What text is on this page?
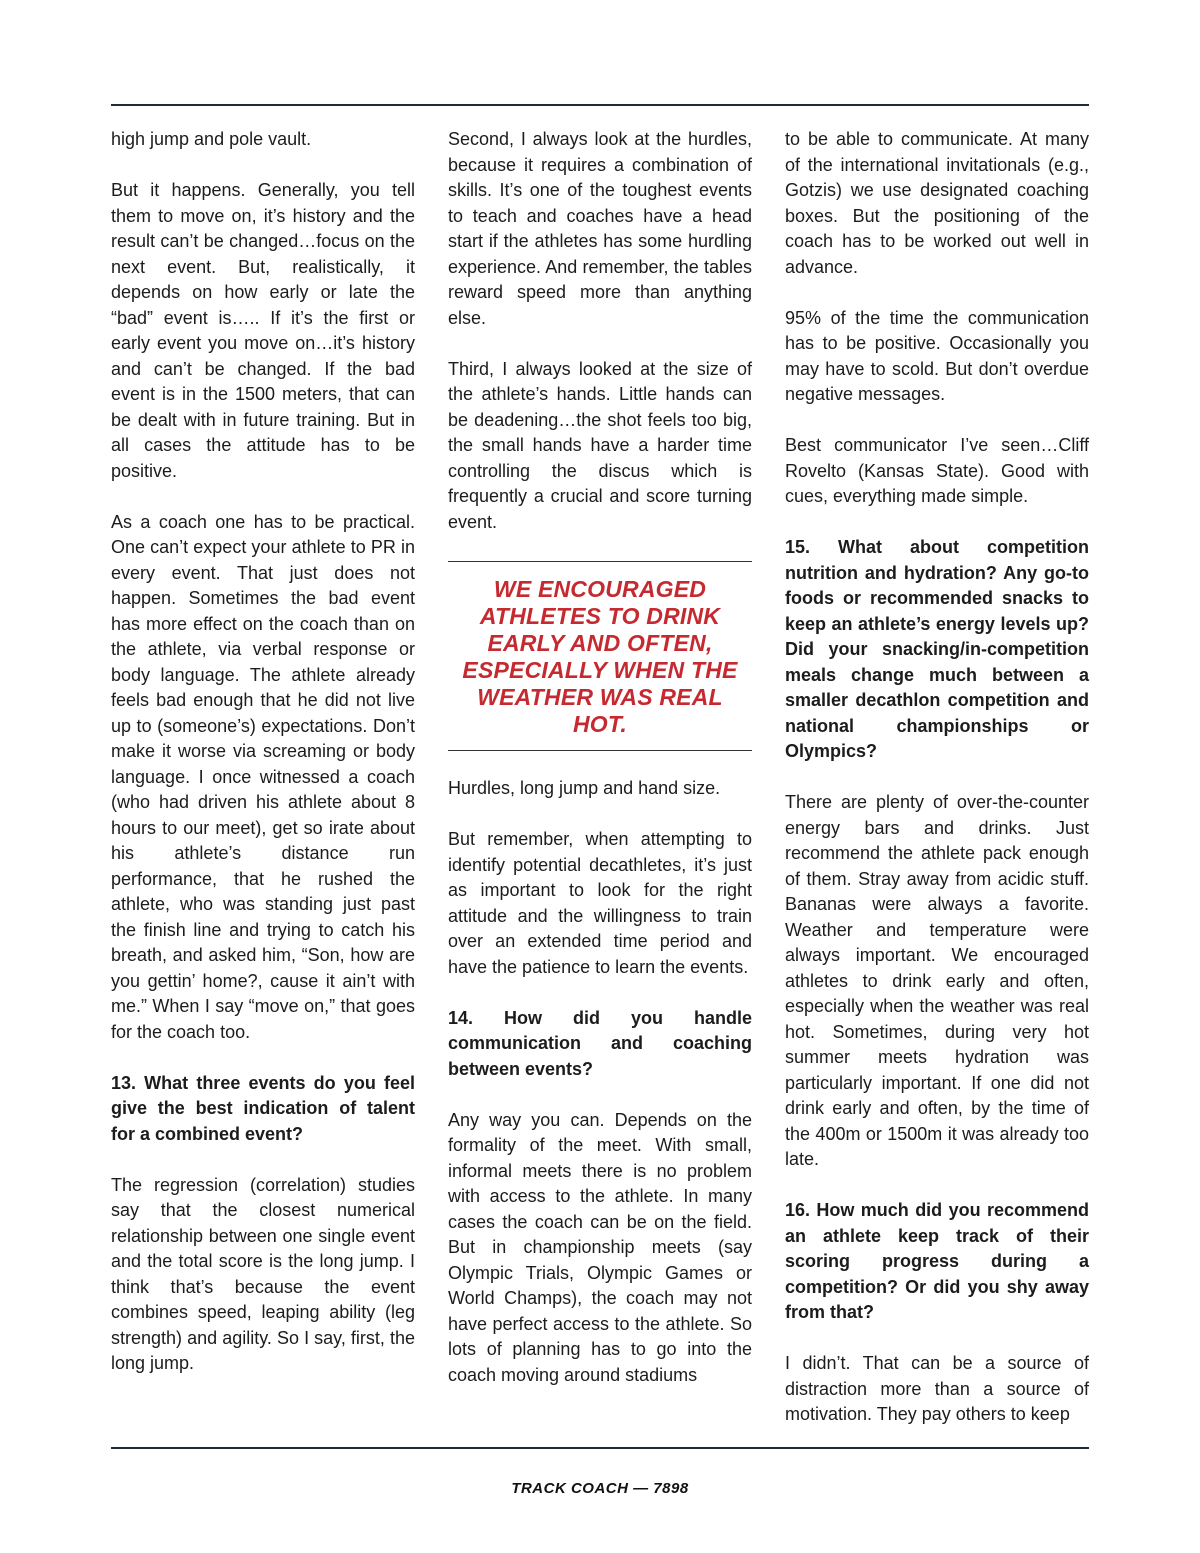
high jump and pole vault.

But it happens. Generally, you tell them to move on, it’s history and the result can’t be changed…focus on the next event. But, realistically, it depends on how early or late the “bad” event is….. If it’s the first or early event you move on…it’s history and can’t be changed. If the bad event is in the 1500 meters, that can be dealt with in future training. But in all cases the attitude has to be positive.

As a coach one has to be practical. One can’t expect your athlete to PR in every event. That just does not happen. Sometimes the bad event has more effect on the coach than on the athlete, via verbal response or body language. The athlete already feels bad enough that he did not live up to (someone’s) expectations. Don’t make it worse via screaming or body language. I once witnessed a coach (who had driven his athlete about 8 hours to our meet), get so irate about his athlete’s distance run performance, that he rushed the athlete, who was standing just past the finish line and trying to catch his breath, and asked him, “Son, how are you gettin’ home?, cause it ain’t with me.” When I say “move on,” that goes for the coach too.

13. What three events do you feel give the best indication of talent for a combined event?

The regression (correlation) studies say that the closest numerical relationship between one single event and the total score is the long jump. I think that’s because the event combines speed, leaping ability (leg strength) and agility. So I say, first, the long jump.

Second, I always look at the hurdles, because it requires a combination of skills. It’s one of the toughest events to teach and coaches have a head start if the athletes has some hurdling experience. And remember, the tables reward speed more than anything else.

Third, I always looked at the size of the athlete’s hands. Little hands can be deadening…the shot feels too big, the small hands have a harder time controlling the discus which is frequently a crucial and score turning event.

WE ENCOURAGED ATHLETES TO DRINK EARLY AND OFTEN, ESPECIALLY WHEN THE WEATHER WAS REAL HOT.

Hurdles, long jump and hand size.

But remember, when attempting to identify potential decathletes, it’s just as important to look for the right attitude and the willingness to train over an extended time period and have the patience to learn the events.

14. How did you handle communication and coaching between events?

Any way you can. Depends on the formality of the meet. With small, informal meets there is no problem with access to the athlete. In many cases the coach can be on the field. But in championship meets (say Olympic Trials, Olympic Games or World Champs), the coach may not have perfect access to the athlete. So lots of planning has to go into the coach moving around stadiums

to be able to communicate. At many of the international invitationals (e.g., Gotzis) we use designated coaching boxes. But the positioning of the coach has to be worked out well in advance.

95% of the time the communication has to be positive. Occasionally you may have to scold. But don’t overdue negative messages.

Best communicator I’ve seen…Cliff Rovelto (Kansas State). Good with cues, everything made simple.

15. What about competition nutrition and hydration? Any go-to foods or recommended snacks to keep an athlete’s energy levels up? Did your snacking/in-competition meals change much between a smaller decathlon competition and national championships or Olympics?

There are plenty of over-the-counter energy bars and drinks. Just recommend the athlete pack enough of them. Stray away from acidic stuff. Bananas were always a favorite. Weather and temperature were always important. We encouraged athletes to drink early and often, especially when the weather was real hot. Sometimes, during very hot summer meets hydration was particularly important. If one did not drink early and often, by the time of the 400m or 1500m it was already too late.

16. How much did you recommend an athlete keep track of their scoring progress during a competition? Or did you shy away from that?

I didn’t. That can be a source of distraction more than a source of motivation. They pay others to keep

TRACK COACH — 7898
